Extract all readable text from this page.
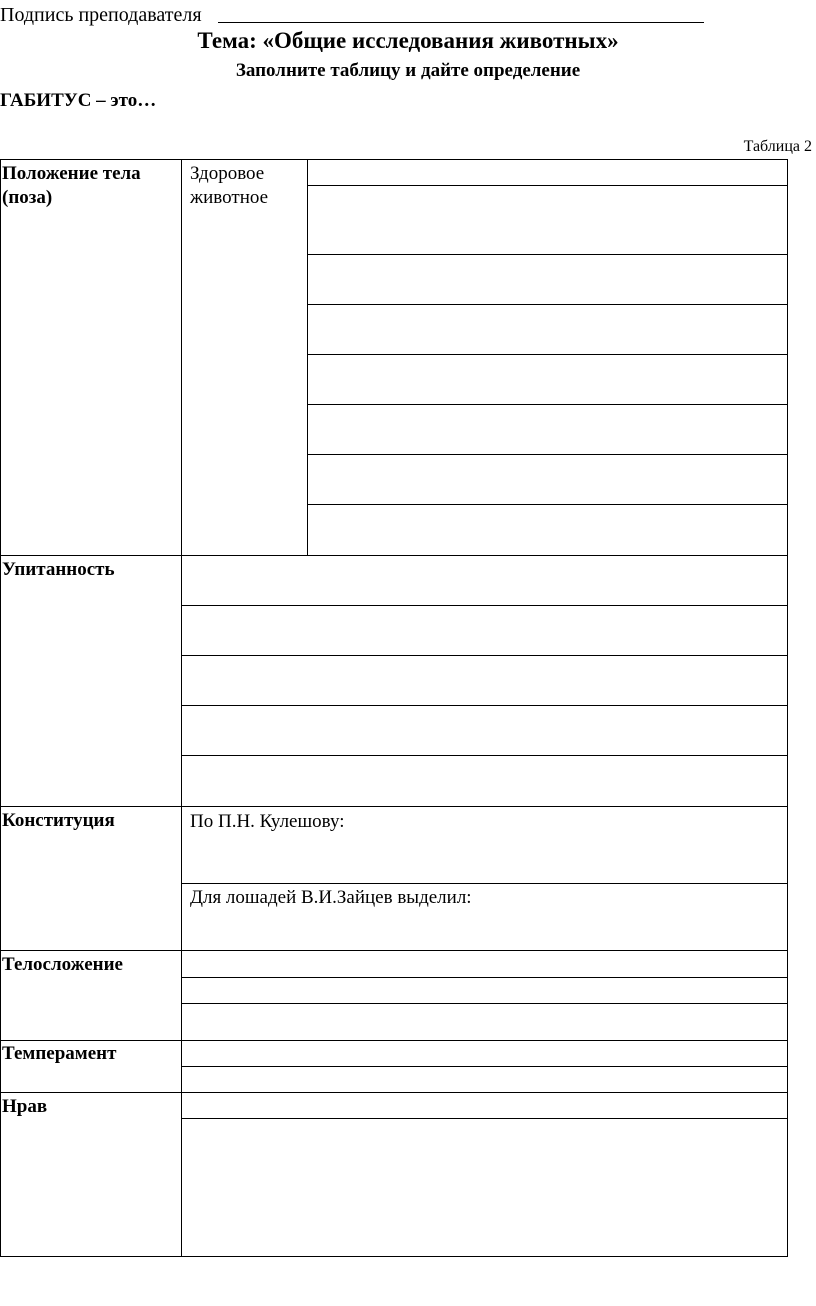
Подпись преподавателя
Тема: «Общие исследования животных»
Заполните таблицу и дайте определение
ГАБИТУС – это…
Таблица 2
Положение тела
(поза)
Здоровое
животное
Упитанность
Конституция	По П.Н. Кулешову:
Для лошадей В.И.Зайцев выделил:
Телосложение
Темперамент
Нрав
